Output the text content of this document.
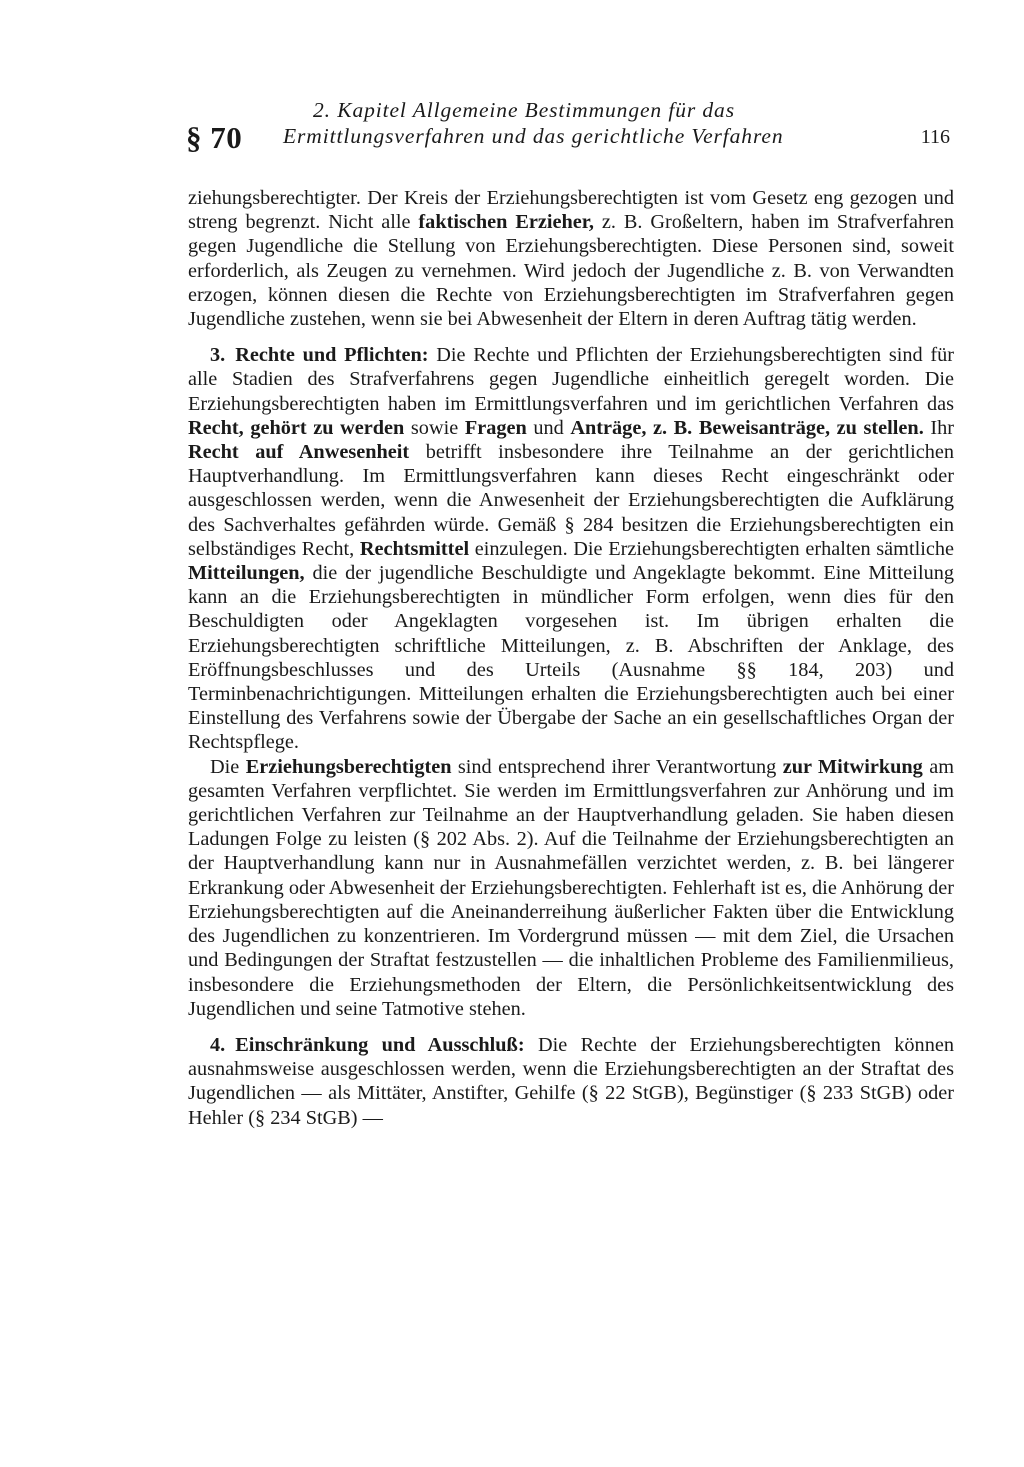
§ 70
2. Kapitel Allgemeine Bestimmungen für das
Ermittlungsverfahren und das gerichtliche Verfahren	116

ziehungsberechtigter. Der Kreis der Erziehungsberechtigten ist vom Gesetz eng gezogen und streng begrenzt. Nicht alle faktischen Erzieher, z. B. Großeltern, haben im Strafverfahren gegen Jugendliche die Stellung von Erziehungsberechtigten. Diese Personen sind, soweit erforderlich, als Zeugen zu vernehmen. Wird jedoch der Jugendliche z. B. von Verwandten erzogen, können diesen die Rechte von Erziehungsberechtigten im Strafverfahren gegen Jugendliche zustehen, wenn sie bei Abwesenheit der Eltern in deren Auftrag tätig werden.

3. Rechte und Pflichten: Die Rechte und Pflichten der Erziehungsberechtigten sind für alle Stadien des Strafverfahrens gegen Jugendliche einheitlich geregelt worden. Die Erziehungsberechtigten haben im Ermittlungsverfahren und im gerichtlichen Verfahren das Recht, gehört zu werden sowie Fragen und Anträge, z. B. Beweisanträge, zu stellen. Ihr Recht auf Anwesenheit betrifft insbesondere ihre Teilnahme an der gerichtlichen Hauptverhandlung. Im Ermittlungsverfahren kann dieses Recht eingeschränkt oder ausgeschlossen werden, wenn die Anwesenheit der Erziehungsberechtigten die Aufklärung des Sachverhaltes gefährden würde. Gemäß § 284 besitzen die Erziehungsberechtigten ein selbständiges Recht, Rechtsmittel einzulegen. Die Erziehungsberechtigten erhalten sämtliche Mitteilungen, die der jugendliche Beschuldigte und Angeklagte bekommt. Eine Mitteilung kann an die Erziehungsberechtigten in mündlicher Form erfolgen, wenn dies für den Beschuldigten oder Angeklagten vorgesehen ist. Im übrigen erhalten die Erziehungsberechtigten schriftliche Mitteilungen, z. B. Abschriften der Anklage, des Eröffnungsbeschlusses und des Urteils (Ausnahme §§ 184, 203) und Terminbenachrichtigungen. Mitteilungen erhalten die Erziehungsberechtigten auch bei einer Einstellung des Verfahrens sowie der Übergabe der Sache an ein gesellschaftliches Organ der Rechtspflege.

Die Erziehungsberechtigten sind entsprechend ihrer Verantwortung zur Mitwirkung am gesamten Verfahren verpflichtet. Sie werden im Ermittlungsverfahren zur Anhörung und im gerichtlichen Verfahren zur Teilnahme an der Hauptverhandlung geladen. Sie haben diesen Ladungen Folge zu leisten (§ 202 Abs. 2). Auf die Teilnahme der Erziehungsberechtigten an der Hauptverhandlung kann nur in Ausnahmefällen verzichtet werden, z. B. bei längerer Erkrankung oder Abwesenheit der Erziehungsberechtigten. Fehlerhaft ist es, die Anhörung der Erziehungsberechtigten auf die Aneinanderreihung äußerlicher Fakten über die Entwicklung des Jugendlichen zu konzentrieren. Im Vordergrund müssen — mit dem Ziel, die Ursachen und Bedingungen der Straftat festzustellen — die inhaltlichen Probleme des Familienmilieus, insbesondere die Erziehungsmethoden der Eltern, die Persönlichkeitsentwicklung des Jugendlichen und seine Tatmotive stehen.

4. Einschränkung und Ausschluß: Die Rechte der Erziehungsberechtigten können ausnahmsweise ausgeschlossen werden, wenn die Erziehungsberechtigten an der Straftat des Jugendlichen — als Mittäter, Anstifter, Gehilfe (§ 22 StGB), Begünstiger (§ 233 StGB) oder Hehler (§ 234 StGB) —
